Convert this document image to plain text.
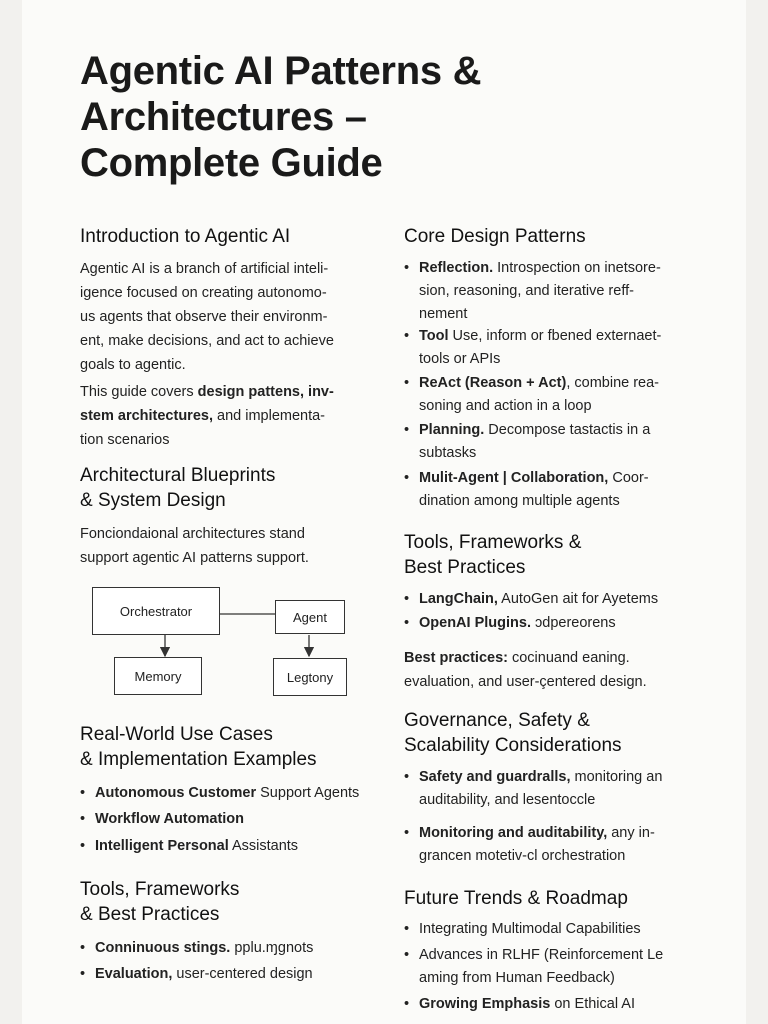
Agentic AI Patterns &
Architectures –
Complete Guide
Introduction to Agentic AI

Agentic AI is a branch of artificial inteli-
igence focused on creating autonomo-
us agents that observe their environm-
ent, make decisions, and act to achieve
goals to agentic.

This guide covers design pattens, inv-
stem architectures, and implementa-
tion scenarios

Architectural Blueprints
& System Design

Fonciondaional architectures stand
support agentic AI patterns support.

Orchestrator	Agent
Memory	Legtony
Real-World Use Cases
& Implementation Examples
• Autonomous Customer Support Agents
• Workflow Automation
• Intelligent Personal Assistants
Tools, Frameworks
& Best Practices
• Conninuous stings. pplu.ɱgnots
• Evaluation, user-centered design
Core Design Patterns
• Reflection. Introspection on inetsore-
sion, reasoning, and iterative reff-
nement
• Tool Use, inform or fbened externaet-
tools or APIs
• ReAct (Reason + Act), combine rea-
soning and action in a loop
• Planning. Decompose tastactis in a
subtasks
• Mulit-Agent | Collaboration, Coor-
dination among multiple agents
Tools, Frameworks &
Best Practices
• LangChain, AutoGen ait for Ayetems
• OpenAI Plugins. ɔdpereorens

Best practices: cocinuand eaning.
evaluation, and user-çentered design.

Governance, Safety &
Scalability Considerations
• Safety and guardralls, monitoring an
auditability, and lesentoccle
• Monitoring and auditability, any in-
grancen motetiv-cl orchestration
Future Trends & Roadmap
• Integrating Multimodal Capabilities
• Advances in RLHF (Reinforcement Le
aming from Human Feedback)
• Growing Emphasis on Ethical AI
